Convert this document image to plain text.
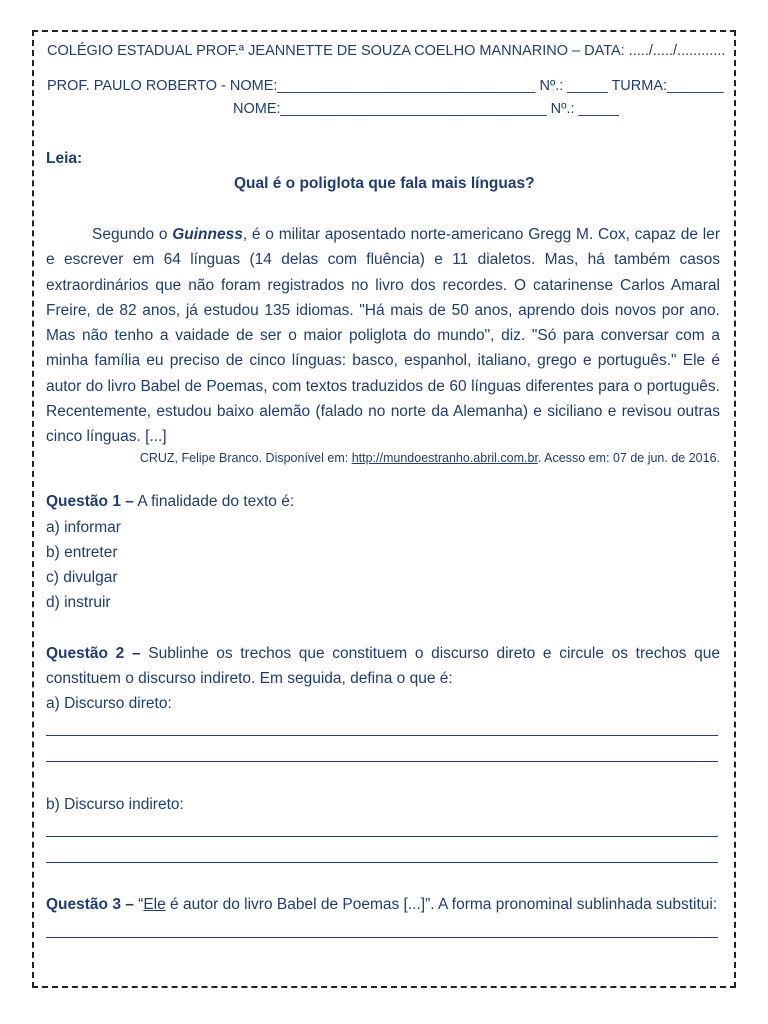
COLÉGIO ESTADUAL PROF.ª JEANNETTE DE SOUZA COELHO MANNARINO – DATA: ...../...../............
PROF. PAULO ROBERTO - NOME:________________________________ Nº.: _____ TURMA:_______
NOME:_________________________________ Nº.: _____
Leia:
Qual é o poliglota que fala mais línguas?
Segundo o Guinness, é o militar aposentado norte-americano Gregg M. Cox, capaz de ler e escrever em 64 línguas (14 delas com fluência) e 11 dialetos. Mas, há também casos extraordinários que não foram registrados no livro dos recordes. O catarinense Carlos Amaral Freire, de 82 anos, já estudou 135 idiomas. "Há mais de 50 anos, aprendo dois novos por ano. Mas não tenho a vaidade de ser o maior poliglota do mundo", diz. "Só para conversar com a minha família eu preciso de cinco línguas: basco, espanhol, italiano, grego e português." Ele é autor do livro Babel de Poemas, com textos traduzidos de 60 línguas diferentes para o português. Recentemente, estudou baixo alemão (falado no norte da Alemanha) e siciliano e revisou outras cinco línguas. [...]
CRUZ, Felipe Branco. Disponível em: http://mundoestranho.abril.com.br. Acesso em: 07 de jun. de 2016.
Questão 1 – A finalidade do texto é:
a) informar
b) entreter
c) divulgar
d) instruir
Questão 2 – Sublinhe os trechos que constituem o discurso direto e circule os trechos que constituem o discurso indireto. Em seguida, defina o que é:
a) Discurso direto:
b) Discurso indireto:
Questão 3 – “Ele é autor do livro Babel de Poemas [...]”. A forma pronominal sublinhada substitui:
